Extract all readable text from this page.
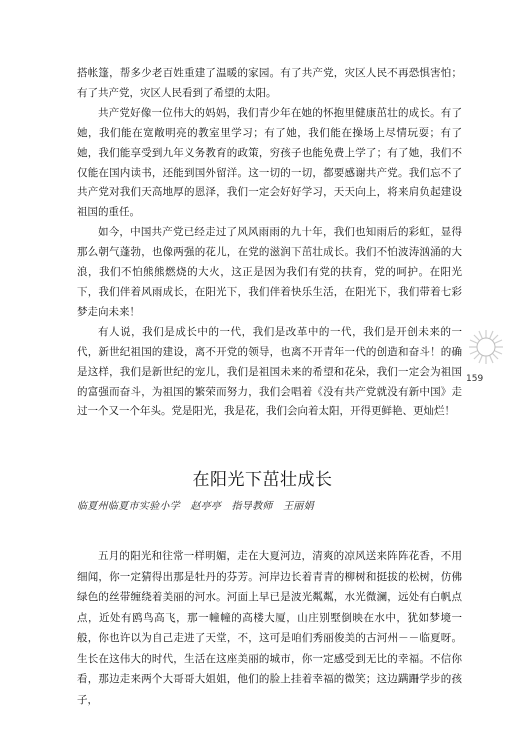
搭帐篷，帮多少老百姓重建了温暖的家园。有了共产党，灾区人民不再恐惧害怕；有了共产党，灾区人民看到了希望的太阳。

共产党好像一位伟大的妈妈，我们青少年在她的怀抱里健康茁壮的成长。有了她，我们能在宽敞明亮的教室里学习；有了她，我们能在操场上尽情玩耍；有了她，我们能享受到九年义务教育的政策，穷孩子也能免费上学了；有了她，我们不仅能在国内读书，还能到国外留洋。这一切的一切，都要感谢共产党。我们忘不了共产党对我们天高地厚的恩泽，我们一定会好好学习，天天向上，将来肩负起建设祖国的重任。

如今，中国共产党已经走过了风风雨雨的九十年，我们也知雨后的彩虹，显得那么朝气蓬勃，也像两强的花儿，在党的滋润下茁壮成长。我们不怕波涛汹涌的大浪，我们不怕熊熊燃烧的大火，这正是因为我们有党的扶育，党的呵护。在阳光下，我们伴着风雨成长，在阳光下，我们伴着快乐生活，在阳光下，我们带着七彩梦走向未来！

有人说，我们是成长中的一代，我们是改革中的一代，我们是开创未来的一代，新世纪祖国的建设，离不开党的领导，也离不开青年一代的创造和奋斗！的确是这样，我们是新世纪的宠儿，我们是祖国未来的希望和花朵，我们一定会为祖国的富强而奋斗，为祖国的繁荣而努力，我们会唱着《没有共产党就没有新中国》走过一个又一个年头。党是阳光，我是花，我们会向着太阳，开得更鲜艳、更灿烂！

159
在阳光下茁壮成长
临夏州临夏市实验小学　赵亭亭　指导教师　王丽娟

五月的阳光和往常一样明媚，走在大夏河边，清爽的凉风送来阵阵花香，不用细闻，你一定猜得出那是牡丹的芬芳。河岸边长着青青的柳树和挺拔的松树，仿佛绿色的丝带缠绕着美丽的河水。河面上早已是波光粼粼，水光微澜，远处有白帆点点，近处有鸥鸟高飞，那一幢幢的高楼大厦，山庄别墅倒映在水中，犹如梦境一般，你也许以为自己走进了天堂，不，这可是咱们秀丽俊美的古河州－－临夏呀。生长在这伟大的时代，生活在这座美丽的城市，你一定感受到无比的幸福。不信你看，那边走来两个大哥哥大姐姐，他们的脸上挂着幸福的微笑；这边蹒跚学步的孩子，
